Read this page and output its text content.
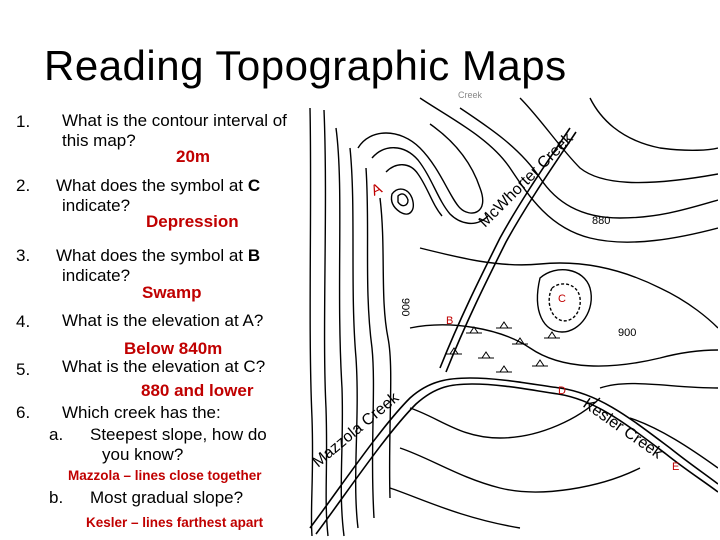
Reading Topographic Maps
1. What is the contour interval of
this map?
20m
2. What does the symbol at C
indicate?
Depression
3. What does the symbol at B
indicate?
Swamp
4. What is the elevation at A?
Below 840m
5. What is the elevation at C?
880 and lower
6. Which creek has the:
a. Steepest slope, how do
you know?
Mazzola – lines close together
b. Most gradual slope?
Kesler – lines farthest apart
Creek
McWhorter Creek
Mazzola Creek	Kesler Creek
880
900
900
A
B
C
D
E
